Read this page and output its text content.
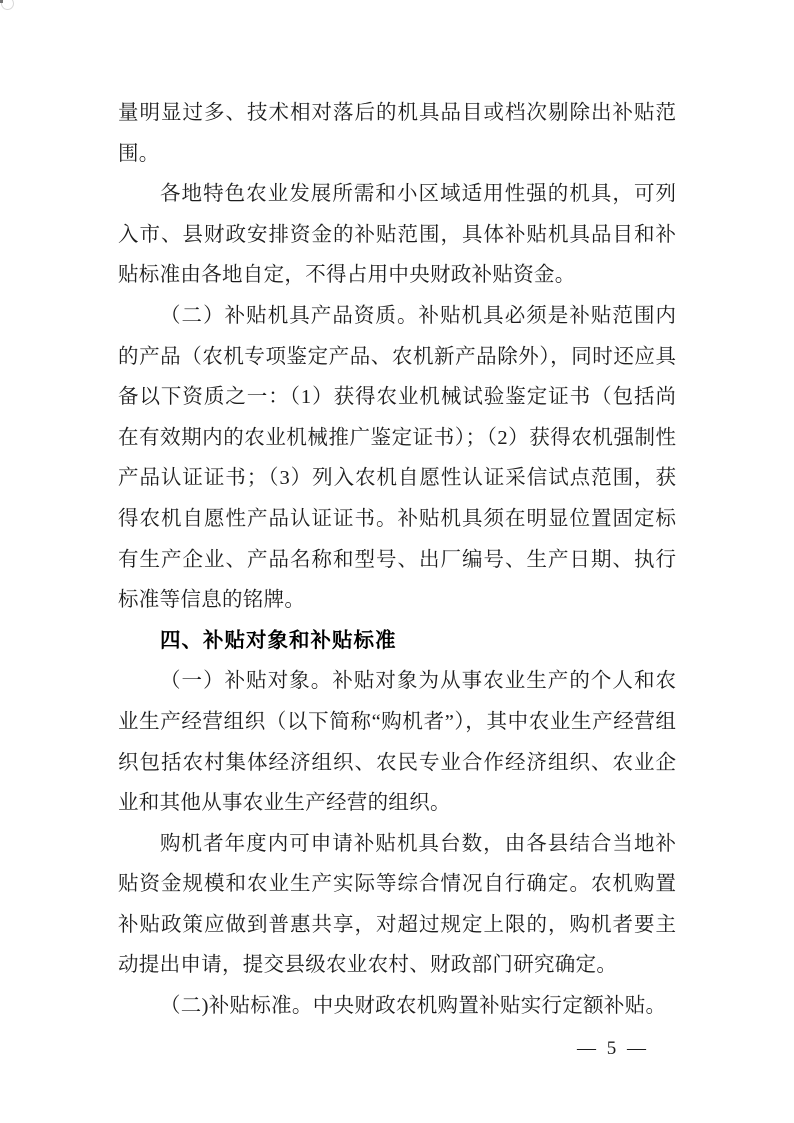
量明显过多、技术相对落后的机具品目或档次剔除出补贴范
围。
各地特色农业发展所需和小区域适用性强的机具，可列
入市、县财政安排资金的补贴范围，具体补贴机具品目和补
贴标准由各地自定，不得占用中央财政补贴资金。
（二）补贴机具产品资质。补贴机具必须是补贴范围内
的产品（农机专项鉴定产品、农机新产品除外），同时还应具
备以下资质之一：（1）获得农业机械试验鉴定证书（包括尚
在有效期内的农业机械推广鉴定证书）；（2）获得农机强制性
产品认证证书；（3）列入农机自愿性认证采信试点范围，获
得农机自愿性产品认证证书。补贴机具须在明显位置固定标
有生产企业、产品名称和型号、出厂编号、生产日期、执行
标准等信息的铭牌。
四、补贴对象和补贴标准
（一）补贴对象。补贴对象为从事农业生产的个人和农
业生产经营组织（以下简称“购机者”），其中农业生产经营组
织包括农村集体经济组织、农民专业合作经济组织、农业企
业和其他从事农业生产经营的组织。
购机者年度内可申请补贴机具台数，由各县结合当地补
贴资金规模和农业生产实际等综合情况自行确定。农机购置
补贴政策应做到普惠共享，对超过规定上限的，购机者要主
动提出申请，提交县级农业农村、财政部门研究确定。
（二)补贴标准。中央财政农机购置补贴实行定额补贴。
— 5 —
